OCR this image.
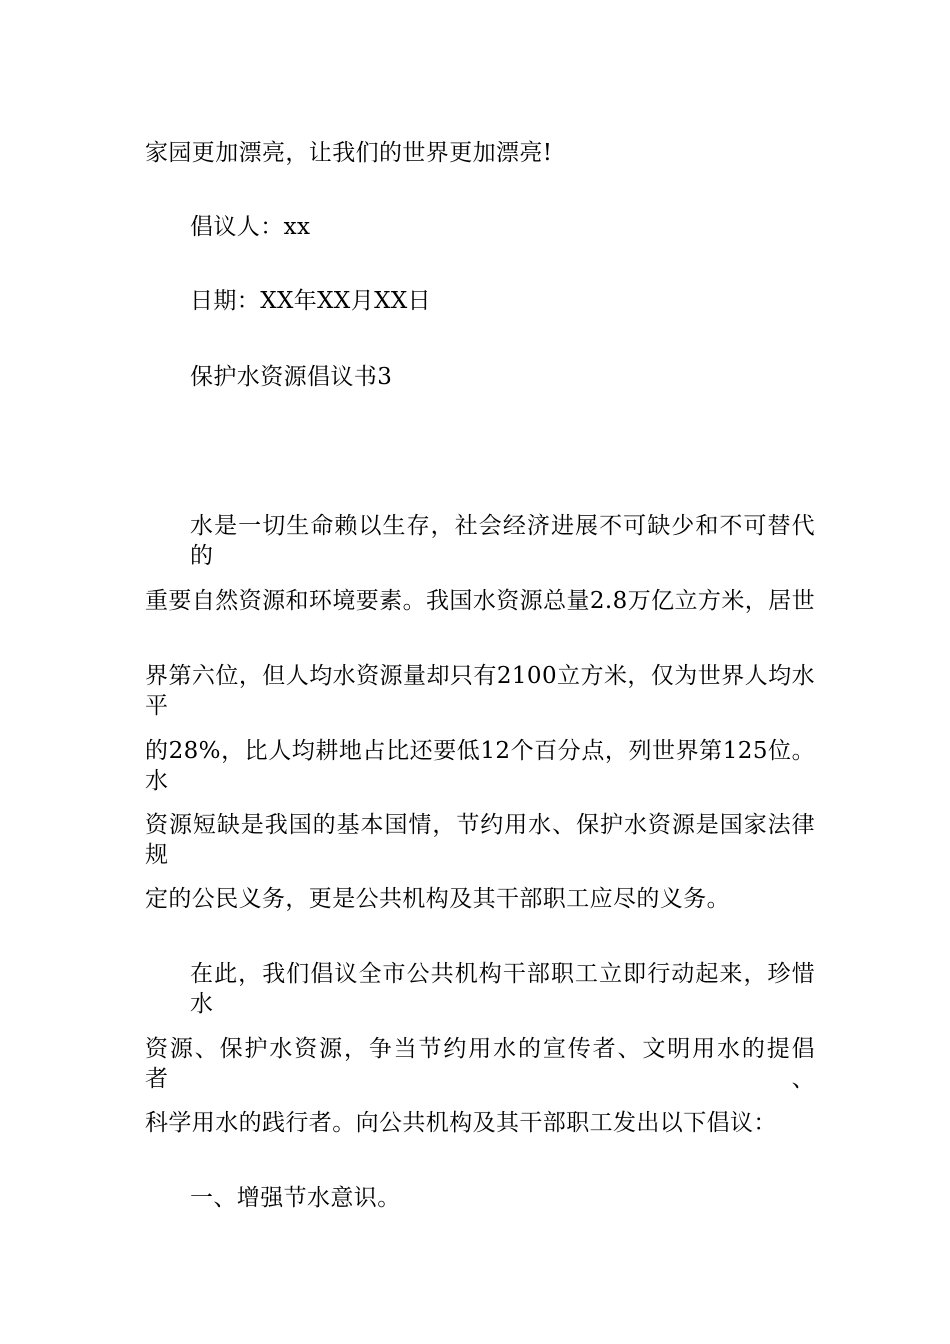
家园更加漂亮，让我们的世界更加漂亮!
倡议人：xx
日期：XX年XX月XX日
保护水资源倡议书3
水是一切生命赖以生存，社会经济进展不可缺少和不可替代的
重要自然资源和环境要素。我国水资源总量2.8万亿立方米，居世
界第六位，但人均水资源量却只有2100立方米，仅为世界人均水平
的28%，比人均耕地占比还要低12个百分点，列世界第125位。水
资源短缺是我国的基本国情，节约用水、保护水资源是国家法律规
定的公民义务，更是公共机构及其干部职工应尽的义务。
在此，我们倡议全市公共机构干部职工立即行动起来，珍惜水
资源、保护水资源，争当节约用水的宣传者、文明用水的提倡者、
科学用水的践行者。向公共机构及其干部职工发出以下倡议：
一、增强节水意识。
